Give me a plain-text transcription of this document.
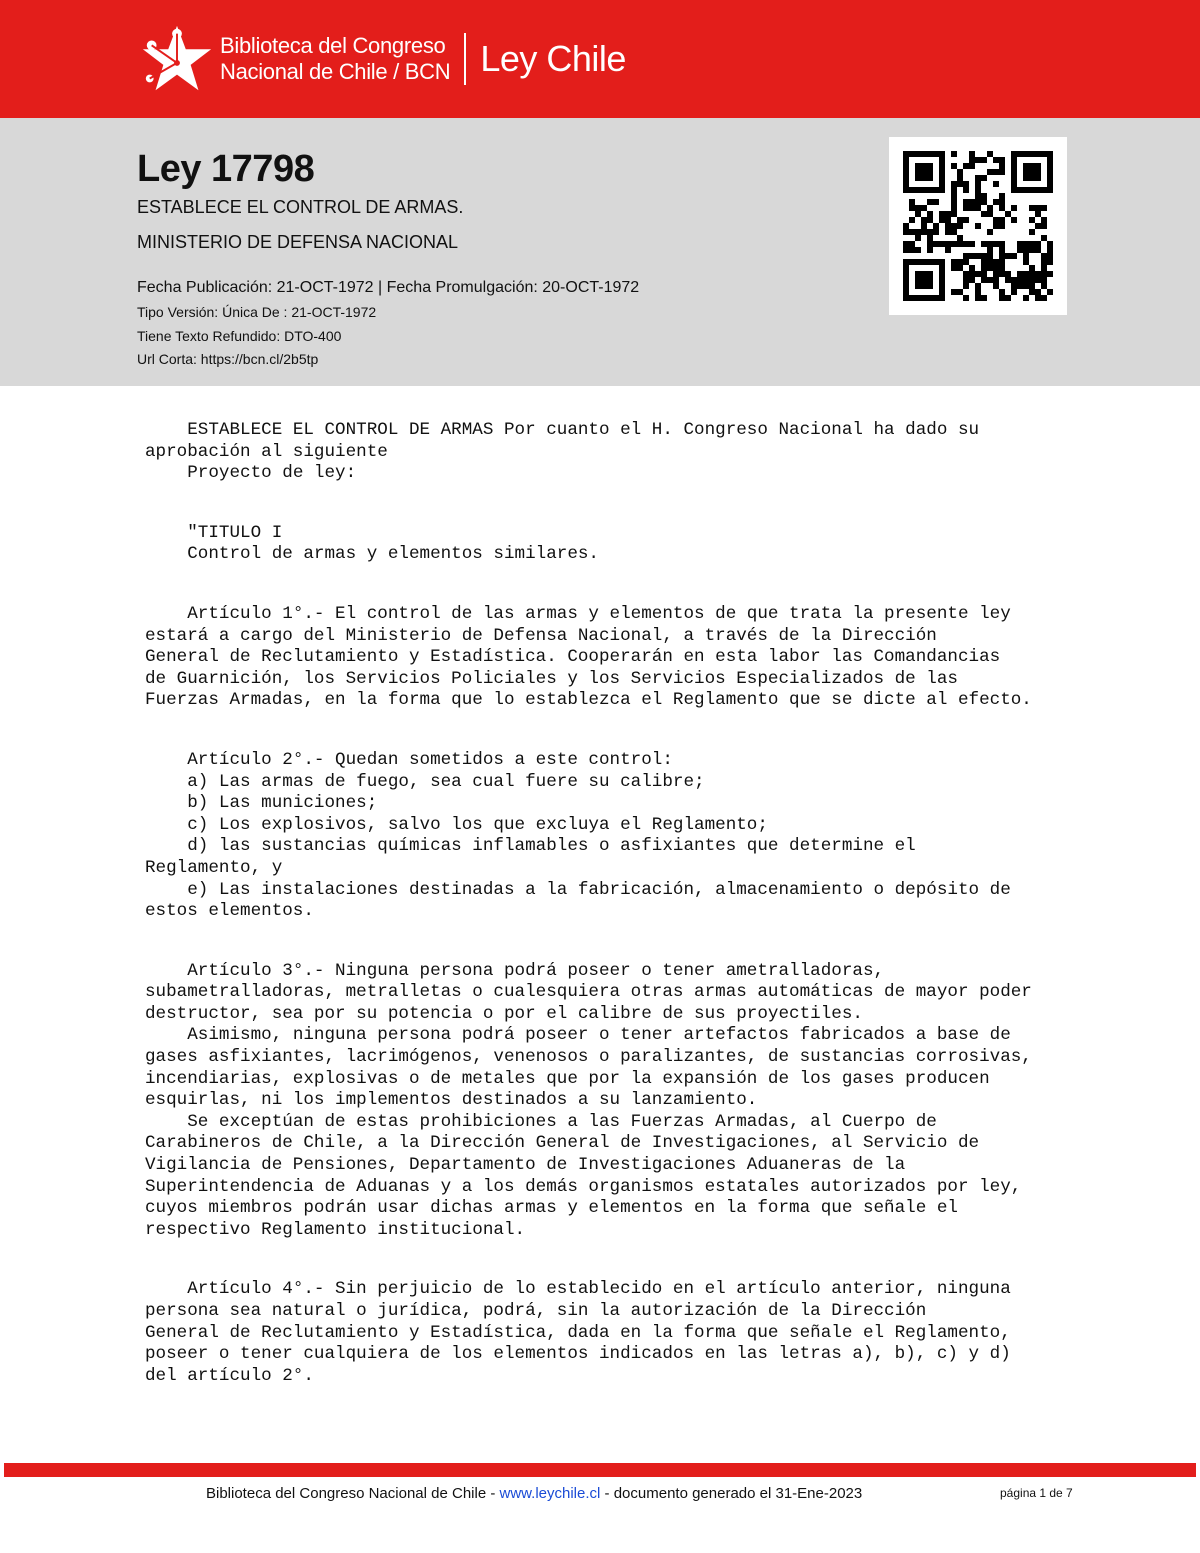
Biblioteca del Congreso
Nacional de Chile / BCN Ley Chile
Ley 17798
ESTABLECE EL CONTROL DE ARMAS.
MINISTERIO DE DEFENSA NACIONAL
Fecha Publicación: 21-OCT-1972 | Fecha Promulgación: 20-OCT-1972
Tipo Versión: Única De : 21-OCT-1972
Tiene Texto Refundido: DTO-400
Url Corta: https://bcn.cl/2b5tp

ESTABLECE EL CONTROL DE ARMAS Por cuanto el H. Congreso Nacional ha dado su
aprobación al siguiente
Proyecto de ley:

"TITULO I
Control de armas y elementos similares.

Artículo 1°.- El control de las armas y elementos de que trata la presente ley
estará a cargo del Ministerio de Defensa Nacional, a través de la Dirección
General de Reclutamiento y Estadística. Cooperarán en esta labor las Comandancias
de Guarnición, los Servicios Policiales y los Servicios Especializados de las
Fuerzas Armadas, en la forma que lo establezca el Reglamento que se dicte al efecto.

Artículo 2°.- Quedan sometidos a este control:
a) Las armas de fuego, sea cual fuere su calibre;
b) Las municiones;
c) Los explosivos, salvo los que excluya el Reglamento;
d) las sustancias químicas inflamables o asfixiantes que determine el
Reglamento, y
e) Las instalaciones destinadas a la fabricación, almacenamiento o depósito de
estos elementos.

Artículo 3°.- Ninguna persona podrá poseer o tener ametralladoras,
subametralladoras, metralletas o cualesquiera otras armas automáticas de mayor poder
destructor, sea por su potencia o por el calibre de sus proyectiles.
Asimismo, ninguna persona podrá poseer o tener artefactos fabricados a base de
gases asfixiantes, lacrimógenos, venenosos o paralizantes, de sustancias corrosivas,
incendiarias, explosivas o de metales que por la expansión de los gases producen
esquirlas, ni los implementos destinados a su lanzamiento.
Se exceptúan de estas prohibiciones a las Fuerzas Armadas, al Cuerpo de
Carabineros de Chile, a la Dirección General de Investigaciones, al Servicio de
Vigilancia de Pensiones, Departamento de Investigaciones Aduaneras de la
Superintendencia de Aduanas y a los demás organismos estatales autorizados por ley,
cuyos miembros podrán usar dichas armas y elementos en la forma que señale el
respectivo Reglamento institucional.

Artículo 4°.- Sin perjuicio de lo establecido en el artículo anterior, ninguna
persona sea natural o jurídica, podrá, sin la autorización de la Dirección
General de Reclutamiento y Estadística, dada en la forma que señale el Reglamento,
poseer o tener cualquiera de los elementos indicados en las letras a), b), c) y d)
del artículo 2°.

Biblioteca del Congreso Nacional de Chile - www.leychile.cl - documento generado el 31-Ene-2023	página 1 de 7
